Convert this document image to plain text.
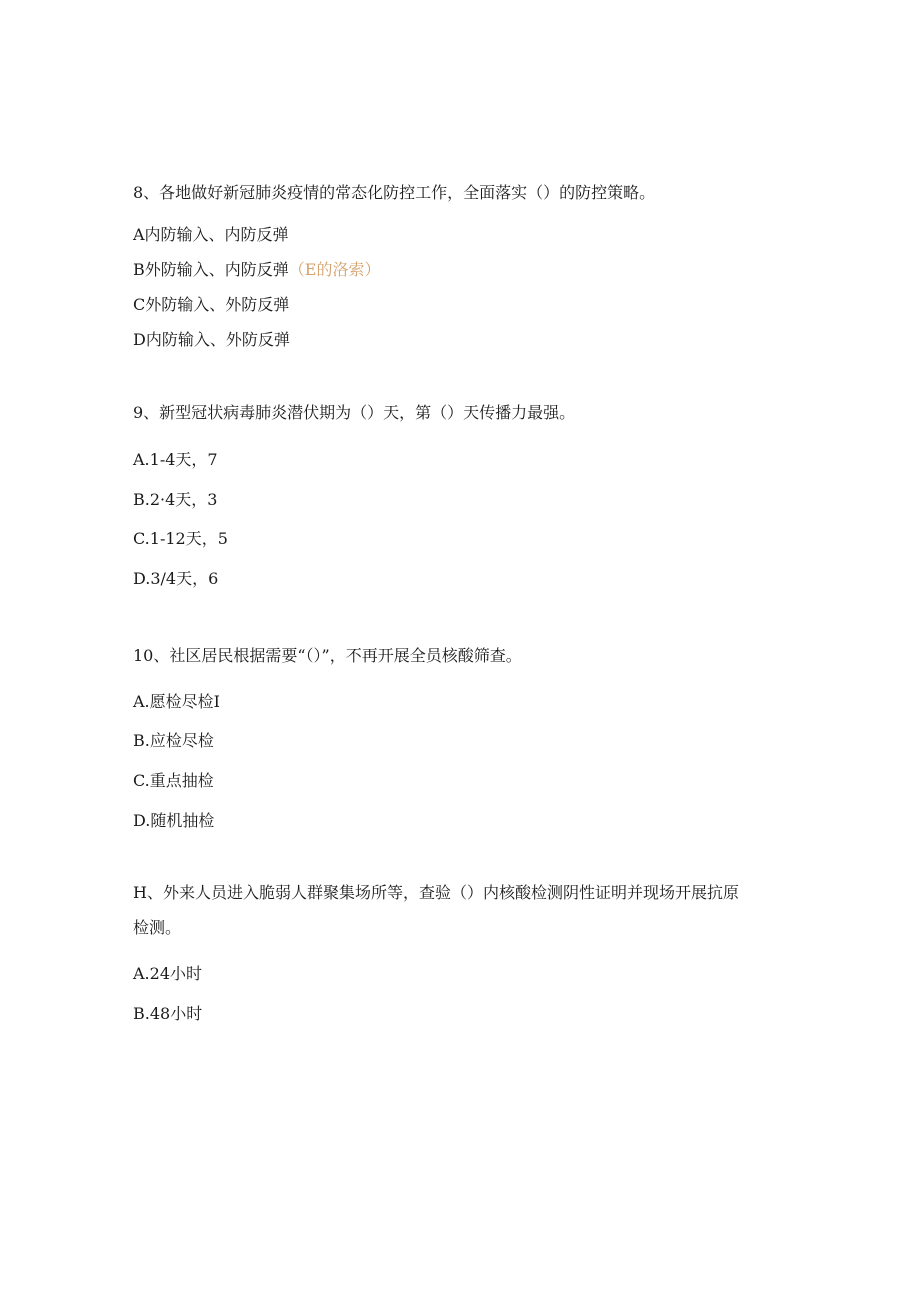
8、各地做好新冠肺炎疫情的常态化防控工作，全面落实（）的防控策略。
A内防输入、内防反弹
B外防输入、内防反弹（E的洛索）
C外防输入、外防反弹
D内防输入、外防反弹
9、新型冠状病毒肺炎潜伏期为（）天，第（）天传播力最强。
A.1-4天，7
B.2·4天，3
C.1-12天，5
D.3/4天，6
10、社区居民根据需要“（）”，不再开展全员核酸筛查。
A.愿检尽检I
B.应检尽检
C.重点抽检
D.随机抽检
H、外来人员进入脆弱人群聚集场所等，查验（）内核酸检测阴性证明并现场开展抗原
检测。
A.24小时
B.48小时
